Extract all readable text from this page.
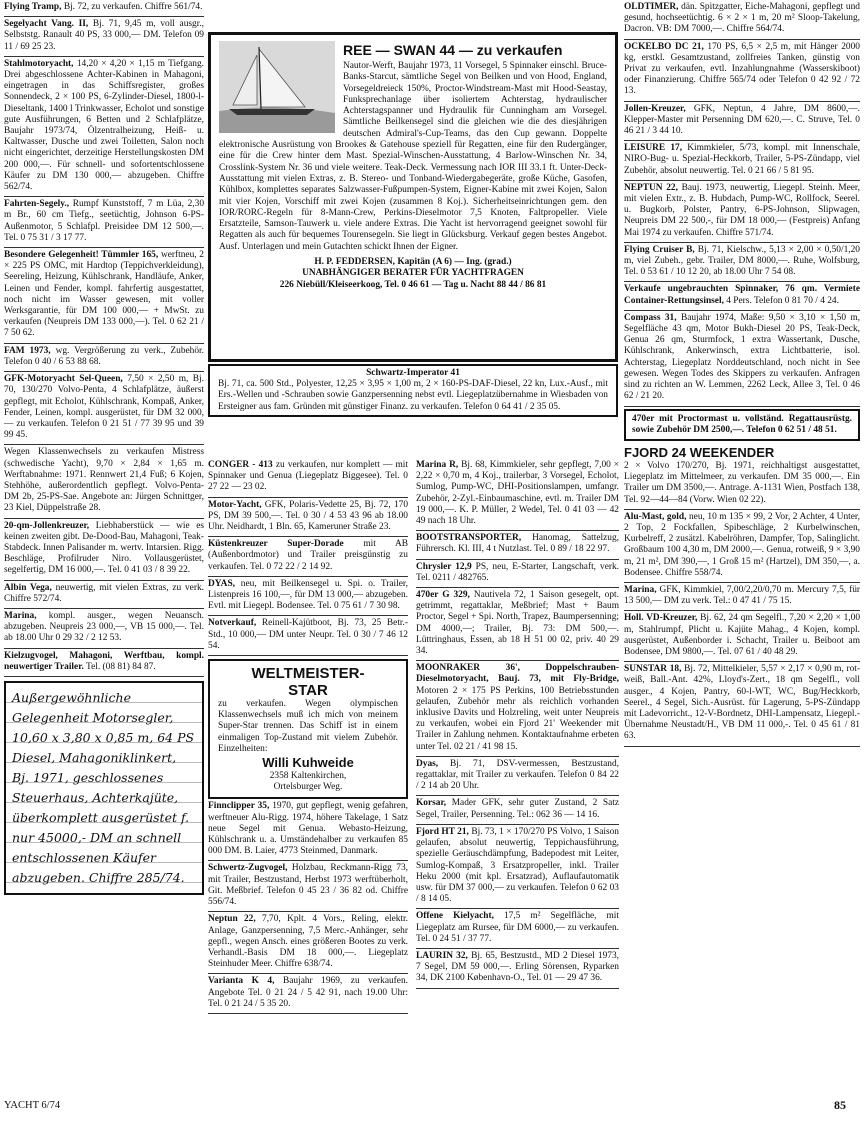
Flying Tramp, Bj. 72, zu verkaufen. Chiffre 561/74.
Segelyacht Vang. II, Bj. 71, 9,45 m, voll ausgr., Selbststg. Ranault 40 PS, 33 000,— DM. Telefon 09 11 / 69 25 23.
Stahlmotoryacht, 14,20 × 4,20 × 1,15 m Tiefgang. Drei abgeschlossene Achter-Kabinen in Mahagoni, eingetragen in das Schiffsregister, großes Sonnendeck, 2 × 100 PS, 6-Zylinder-Diesel, 1800-l-Dieseltank, 1400 l Trinkwasser, Echolot und sonstige gute Ausführungen, 6 Betten und 2 Schlafplätze, Baujahr 1973/74, Ölzentralheizung, Heiß- u. Kaltwasser, Dusche und zwei Toiletten, Salon noch nicht eingerichtet, derzeitige Herstellungskosten DM 200 000,—. Für schnell- und sofortentschlossene Käufer zu DM 130 000,— abzugeben. Chiffre 562/74.
Fahrten-Segely., Rumpf Kunststoff, 7 m Lüa, 2,30 m Br., 60 cm Tiefg., seetüchtig, Johnson 6-PS-Außenmotor, 5 Schlafpl. Preisidee DM 12 500,—. Tel. 0 75 31 / 3 17 77.
Besondere Gelegenheit! Tümmler 165, werftneu, 2 × 225 PS OMC, mit Hardtop (Teppichverkleidung), Seereling, Heizung, Kühlschrank, Handläufe, Anker, Leinen und Fender, kompl. fahrfertig ausgestattet, noch nicht im Wasser gewesen, mit voller Werksgarantie, für DM 100 000,— + MwSt. zu verkaufen (Neupreis DM 133 000,—). Tel. 0 62 21 / 7 50 62.
FAM 1973, wg. Vergrößerung zu verk., Zubehör. Telefon 0 40 / 6 53 88 68.
GFK-Motoryacht Sel-Queen, 7,50 × 2,50 m, Bj. 70, 130/270 Volvo-Penta, 4 Schlafplätze, äußerst gepflegt, mit Echolot, Kühlschrank, Kompaß, Anker, Fender, Leinen, kompl. ausgerüstet, für DM 32 000,— zu verkaufen. Telefon 0 21 51 / 77 39 95 und 39 99 45.
Wegen Klassenwechsels zu verkaufen Mistress (schwedische Yacht), 9,70 × 2,84 × 1,65 m. Werftabnahme: 1971. Rennwert 21,4 Fuß; 6 Kojen, Stehhöhe, außerordentlich gepflegt. Volvo-Penta-DM 2b, 25-PS-Sae. Angebote an: Jürgen Schnittger, 23 Kiel, Düppelstraße 28.
20-qm-Jollenkreuzer, Liebhaberstück — wie es keinen zweiten gibt. De-Dood-Bau, Mahagoni, Teak-Stabdeck. Innen Palisander m. wertv. Intarsien. Rigg. Beschläge, Profilruder Niro. Vollausgerüstet, segelfertig, DM 16 000,—. Tel. 0 41 03 / 8 39 22.
Albin Vega, neuwertig, mit vielen Extras, zu verk. Chiffre 572/74.
Marina, kompl. ausger., wegen Neuansch. abzugeben. Neupreis 23 000,—, VB 15 000,—. Tel. ab 18.00 Uhr 0 29 32 / 2 12 53.
Kielzugvogel, Mahagoni, Werftbau, kompl. neuwertiger Trailer. Tel. (08 81) 84 87.
Außergewöhnliche Gelegenheit Motorsegler, 10,60 x 3,80 x 0,85 m, 64 PS Diesel, Mahagoniklinkert, Bj. 1971, geschlossenes Steuerhaus, Achterkajüte, überkomplett ausgerüstet f. nur 45000,- DM an schnell entschlossenen Käufer abzugeben. Chiffre 285/74.
REE — SWAN 44 — zu verkaufen
Nautor-Werft, Baujahr 1973, 11 Vorsegel, 5 Spinnaker einschl. Bruce-Banks-Starcut, sämtliche Segel von Beilken und von Hood, England, Vorsegeldreieck 150%, Proctor-Windstream-Mast mit Hood-Seastay, Funksprechanlage über isoliertem Achterstag, hydraulischer Achterstagspanner und Hydraulik für Cunningham am Vorsegel. Sämtliche Beilkensegel sind die gleichen wie die des diesjährigen deutschen Admiral's-Cup-Teams, das den Cup gewann. Doppelte elektronische Ausrüstung von Brookes & Gatehouse speziell für Regatten, eine für den Rudergänger, eine für die Crew hinter dem Mast. Spezial-Winschen-Ausstattung, 4 Barlow-Winschen Nr. 34, Crosslink-System Nr. 36 und viele weitere. Teak-Deck. Vermessung nach IOR III 33.1 ft. Unter-Deck-Ausstattung mit vielen Extras, z. B. Stereo- und Tonband-Wiedergabegeräte, große Küche, Gasofen, Kühlbox, komplettes separates Salzwasser-Fußpumpen-System, Eigner-Kabine mit zwei Kojen, Salon mit vier Kojen, Vorschiff mit zwei Kojen (zusammen 8 Koj.). Sicherheitseinrichtungen gem. den IOR/RORC-Regeln für 8-Mann-Crew, Perkins-Dieselmotor 7,5 Knoten, Faltpropeller. Viele Ersatzteile, Samson-Tauwerk u. viele andere Extras. Die Yacht ist hervorragend geeignet sowohl für Regatten als auch für bequemes Tourensegeln. Sie liegt in Glücksburg. Verkauf gegen bestes Angebot. Ausf. Unterlagen und mein Gutachten schickt Ihnen der Eigner.
H. P. FEDDERSEN, Kapitän (A 6) — Ing. (grad.)
UNABHÄNGIGER BERATER FÜR YACHTFRAGEN
226 Niebüll/Kleiseerkoog, Tel. 0 46 61 — Tag u. Nacht 88 44 / 86 81
Schwartz-Imperator 41
Bj. 71, ca. 500 Std., Polyester, 12,25 × 3,95 × 1,00 m, 2 × 160-PS-DAF-Diesel, 22 kn, Lux.-Ausf., mit Ers.-Wellen und -Schrauben sowie Ganzpersenning nebst evtl. Liegeplatzübernahme in Wiesbaden von Ersteigner aus fam. Gründen mit günstiger Finanz. zu verkaufen. Telefon 0 64 41 / 2 35 05.
CONGER - 413 zu verkaufen, nur komplett — mit Spinnaker und Genua (Liegeplatz Biggesee). Tel. 0 27 22 — 23 02.
Motor-Yacht, GFK, Polaris-Vedette 25, Bj. 72, 170 PS, DM 39 500,—. Tel. 0 30 / 4 53 43 96 ab 18.00 Uhr. Neidhardt, 1 Bln. 65, Kameruner Straße 23.
Küstenkreuzer Super-Dorade mit AB (Außenbordmotor) und Trailer preisgünstig zu verkaufen. Tel. 0 72 22 / 2 14 92.
DYAS, neu, mit Beilkensegel u. Spi. o. Trailer, Listenpreis 16 100,—, für DM 13 000,— abzugeben. Evtl. mit Liegepl. Bodensee. Tel. 0 75 61 / 7 30 98.
Notverkauf, Reinell-Kajütboot, Bj. 73, 25 Betr.-Std., 10 000,— DM unter Neupr. Tel. 0 30 / 7 46 12 54.
WELTMEISTER-
STAR
zu verkaufen. Wegen olympischen Klassenwechsels muß ich mich von meinem Super-Star trennen. Das Schiff ist in einem einmaligen Top-Zustand mit vielem Zubehör. Einzelheiten:
Willi Kuhweide
2358 Kaltenkirchen,
Ortelsburger Weg.
Finnclipper 35, 1970, gut gepflegt, wenig gefahren, werftneuer Alu-Rigg. 1974, höhere Takelage, 1 Satz neue Segel mit Genua. Webasto-Heizung, Kühlschrank u. a. Umständehalber zu verkaufen 85 000 DM. B. Laier, 4773 Steinmed, Danmark.
Schwertz-Zugvogel, Holzbau, Reckmann-Rigg 73, mit Trailer, Bestzustand, Herbst 1973 werftüberholt, Git. Meßbrief. Telefon 0 45 23 / 36 82 od. Chiffre 556/74.
Neptun 22, 7,70, Kplt. 4 Vors., Reling, elektr. Anlage, Ganzpersenning, 7,5 Merc.-Anhänger, sehr gepfl., wegen Ansch. eines größeren Bootes zu verk. Verhandl.-Basis DM 18 000,—. Liegeplatz Steinhuder Meer. Chiffre 638/74.
Varianta K 4, Baujahr 1969, zu verkaufen. Angebote Tel. 0 21 24 / 5 42 91, nach 19.00 Uhr: Tel. 0 21 24 / 5 35 20.
Marina R, Bj. 68, Kimmkieler, sehr gepflegt, 7,00 × 2,22 × 0,70 m, 4 Koj., trailerbar, 3 Vorsegel, Echolot, Sumlog, Pump-WC, DHI-Positionslampen, umfangr. Zubehör, 2-Zyl.-Einbaumaschine, evtl. m. Trailer DM 19 000,—. K. P. Müller, 2 Wedel, Tel. 0 41 03 — 42 49 nach 18 Uhr.
BOOTSTRANSPORTER, Hanomag, Sattelzug, Führersch. Kl. III, 4 t Nutzlast. Tel. 0 89 / 18 22 97.
Chrysler 12,9 PS, neu, E-Starter, Langschaft, verk. Tel. 0211 / 482765.
470er G 329, Nautivela 72, 1 Saison gesegelt, opt. getrimmt, regattaklar, Meßbrief; Mast + Baum Proctor, Segel + Spi. North, Trapez, Baumpersenning; DM 4000,—; Trailer, Bj. 73: DM 500,—. Lüttringhaus, Essen, ab 18 H 51 00 02, priv. 40 29 34.
MOONRAKER 36', Doppelschrauben-Dieselmotoryacht, Bauj. 73, mit Fly-Bridge, Motoren 2 × 175 PS Perkins, 100 Betriebsstunden gelaufen, Zubehör mehr als reichlich vorhanden inklusive Davits und Holzreling, weit unter Neupreis zu verkaufen, wobei ein Fjord 21' Weekender mit Trailer in Zahlung nehmen. Kontaktaufnahme erbeten unter Tel. 02 21 / 41 98 15.
Dyas, Bj. 71, DSV-vermessen, Bestzustand, regattaklar, mit Trailer zu verkaufen. Telefon 0 84 22 / 2 14 ab 20 Uhr.
Korsar, Mader GFK, sehr guter Zustand, 2 Satz Segel, Trailer, Persenning. Tel.: 062 36 — 14 16.
Fjord HT 21, Bj. 73, 1 × 170/270 PS Volvo, 1 Saison gelaufen, absolut neuwertig, Teppichausführung, spezielle Geräuschdämpfung, Badepodest mit Leiter, Sumlog-Kompaß, 3 Ersatzpropeller, inkl. Trailer Heku 2000 (mit kpl. Ersatzrad), Auflaufautomatik usw. für DM 37 000,— zu verkaufen. Telefon 0 62 03 / 8 14 05.
Offene Kielyacht, 17,5 m² Segelfläche, mit Liegeplatz am Rursee, für DM 6000,— zu verkaufen. Tel. 0 24 51 / 37 77.
LAURIN 32, Bj. 65, Bestzustd., MD 2 Diesel 1973, 7 Segel, DM 59 000,—. Erling Sörensen, Ryparken 34, DK 2100 København-O., Tel. 01 — 29 47 36.
OLDTIMER, dän. Spitzgatter, Eiche-Mahagoni, gepflegt und gesund, hochseetüchtig. 6 × 2 × 1 m, 20 m² Sloop-Takelung, Dacron. VB: DM 7000,—. Chiffre 564/74.
OCKELBO DC 21, 170 PS, 6,5 × 2,5 m, mit Hänger 2000 kg, erstkl. Gesamtzustand, zollfreies Tanken, günstig von Privat zu verkaufen, evtl. Inzahlungnahme (Wasserskiboot) oder Finanzierung. Chiffre 565/74 oder Telefon 0 42 92 / 72 13.
Jollen-Kreuzer, GFK, Neptun, 4 Jahre, DM 8600,—. Klepper-Master mit Persenning DM 620,—. C. Struve, Tel. 0 46 21 / 3 44 10.
LEISURE 17, Kimmkieler, 5/73, kompl. mit Innenschale, NIRO-Bug- u. Spezial-Heckkorb, Trailer, 5-PS-Zündapp, viel Zubehör, absolut neuwertig. Tel. 0 21 66 / 5 81 95.
NEPTUN 22, Bauj. 1973, neuwertig, Liegepl. Steinh. Meer, mit vielen Extr., z. B. Hubdach, Pump-WC, Rollfock, Seerel. u. Bugkorb, Polster, Pantry, 6-PS-Johnson, Slipwagen, Neupreis DM 22 500,-, für DM 18 000,— (Festpreis) Anfang Mai 1974 zu verkaufen. Chiffre 571/74.
Flying Cruiser B, Bj. 71, Kielschw., 5,13 × 2,00 × 0,50/1,20 m, viel Zubeh., gebr. Trailer, DM 8000,—. Ruhe, Wolfsburg, Tel. 0 53 61 / 10 12 20, ab 18.00 Uhr 7 54 08.
Verkaufe ungebrauchten Spinnaker, 76 qm. Vermiete Container-Rettungsinsel, 4 Pers. Telefon 0 81 70 / 4 24.
Compass 31, Baujahr 1974, Maße: 9,50 × 3,10 × 1,50 m, Segelfläche 43 qm, Motor Bukh-Diesel 20 PS, Teak-Deck, Genua 26 qm, Sturmfock, 1 extra Wassertank, Dusche, Kühlschrank, Ankerwinsch, extra Lichtbatterie, isol. Achterstag, Liegeplatz Norddeutschland, noch nicht in See gewesen. Wegen Todes des Skippers zu verkaufen. Anfragen sind zu richten an W. Lemmen, 2262 Leck, Allee 3, Tel. 0 46 62 / 21 20.
470er mit Proctormast u. vollständ. Regattausrüstg. sowie Zubehör DM 2500,—. Telefon 0 62 51 / 48 51.
FJORD 24 WEEKENDER
2 × Volvo 170/270, Bj. 1971, reichhaltigst ausgestattet, Liegeplatz im Mittelmeer, zu verkaufen. DM 35 000,—. Ein Trailer um DM 3500,—. Antrage. A-1131 Wien, Postfach 138, Tel. 92—44—84 (Vorw. Wien 02 22).
Alu-Mast, gold, neu, 10 m 135 × 99, 2 Vor, 2 Achter, 4 Unter, 2 Top, 2 Fockfallen, Spibeschläge, 2 Kurbelwinschen, Kurbelreff, 2 zusätzl. Kabelröhren, Dampfer, Top, Salinglicht. Großbaum 100 4,30 m, DM 2000,—. Genua, rotweiß, 9 × 3,90 m, 21 m², DM 390,—, 1 Groß 15 m² (Hartzel), DM 350,—, a. Bodensee. Chiffre 558/74.
Marina, GFK, Kimmkiel, 7,00/2,20/0,70 m. Mercury 7,5, für 13 500,— DM zu verk. Tel.: 0 47 41 / 75 15.
Holl. VD-Kreuzer, Bj. 62, 24 qm Segelfl., 7,20 × 2,20 × 1,00 m, Stahlrumpf, Plicht u. Kajüte Mahag., 4 Kojen, kompl. ausgerüstet, Außenborder i. Schacht, Trailer u. Beiboot am Bodensee, DM 9800,—. Tel. 07 61 / 40 48 29.
SUNSTAR 18, Bj. 72, Mittelkieler, 5,57 × 2,17 × 0,90 m, rot-weiß, Ball.-Ant. 42%, Lloyd's-Zert., 18 qm Segelfl., voll ausger., 4 Kojen, Pantry, 60-l-WT, WC, Bug/Heckkorb, Seerel., 4 Segel, Sich.-Ausrüst. für Lagerung, 5-PS-Zündapp mit Ladevorricht., 12-V-Bordnetz, DHI-Lampensatz, Liegepl.-Übernahme Neustadt/H., VB DM 11 000,-. Tel. 0 45 61 / 81 63.
YACHT 6/74	85
